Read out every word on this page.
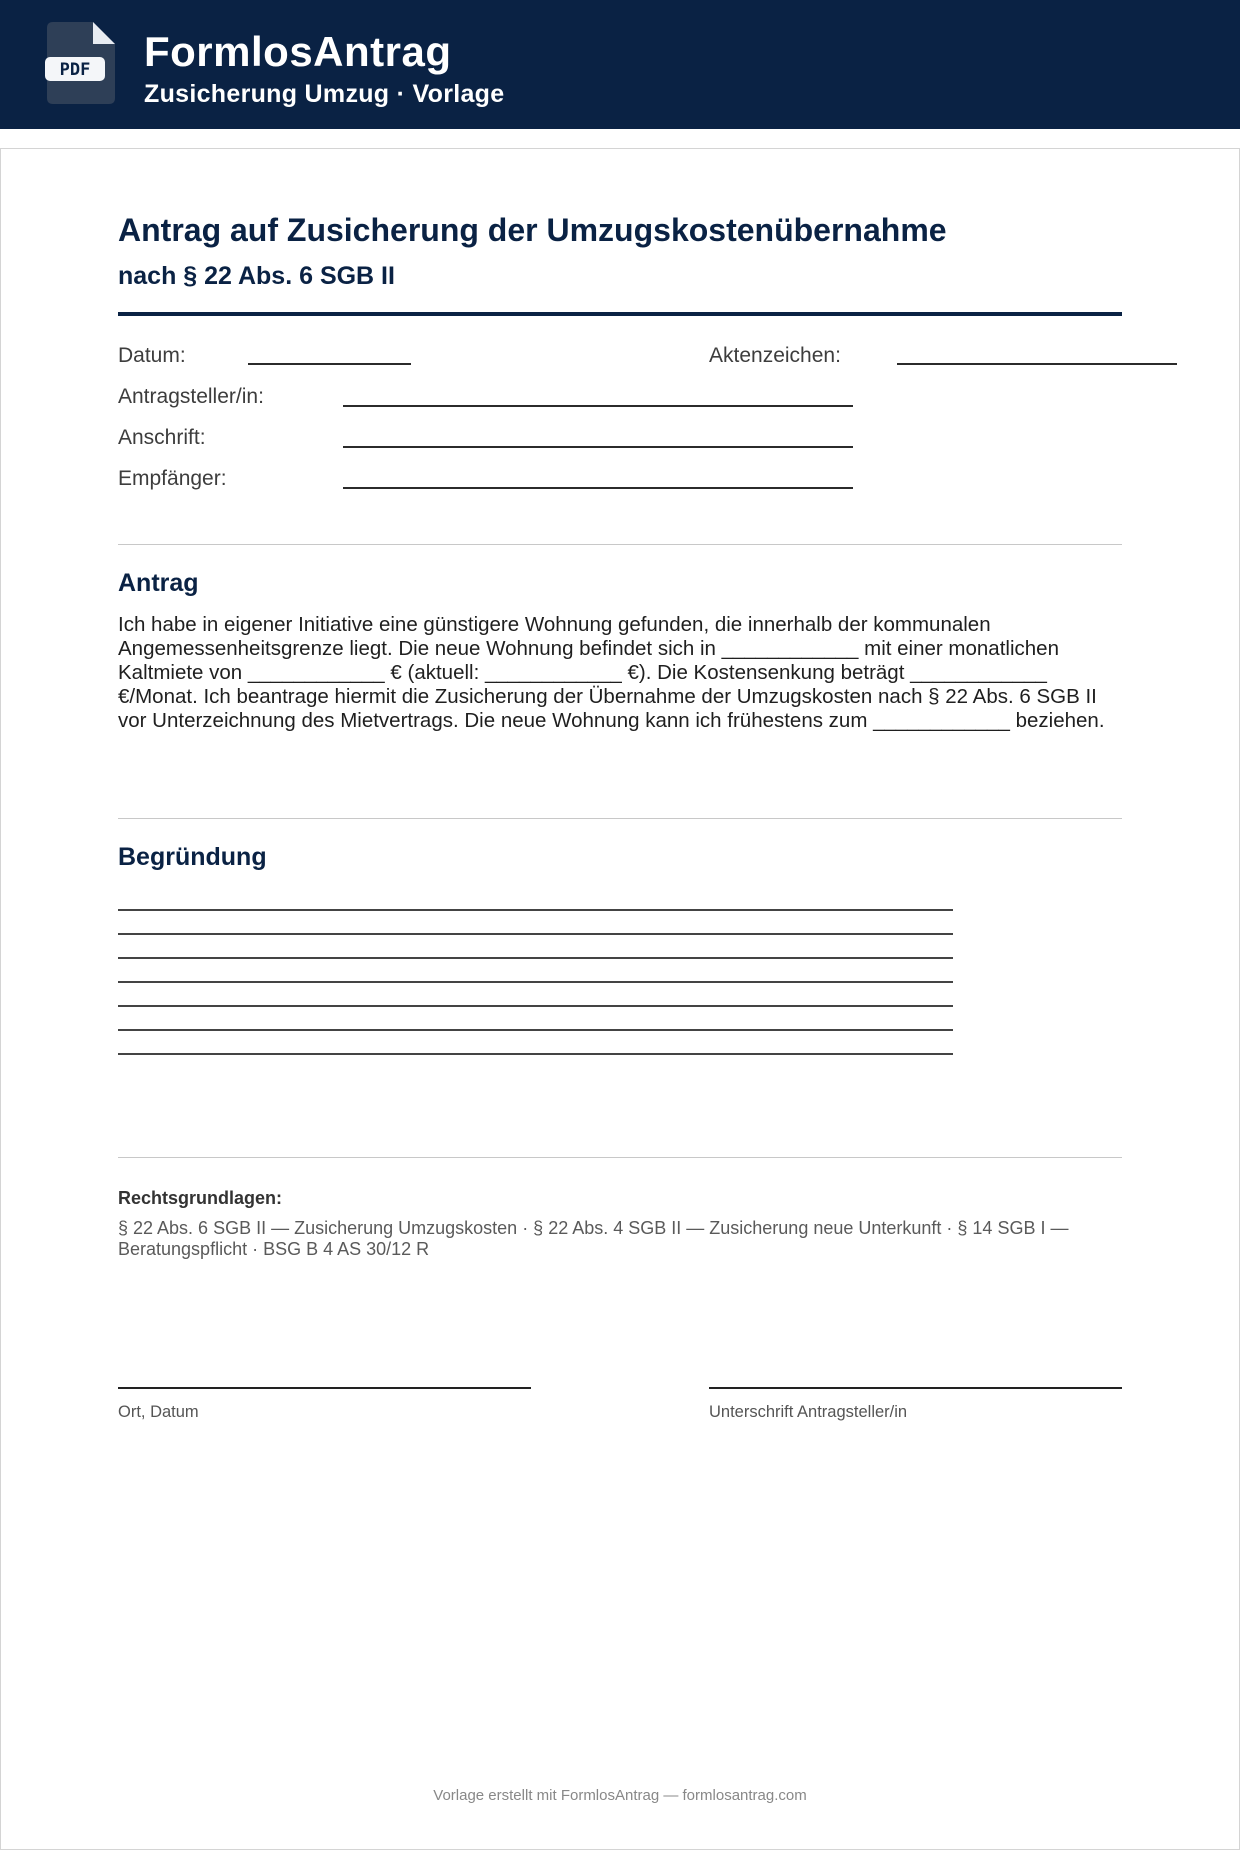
PDF FormlosAntrag
Zusicherung Umzug · Vorlage
Antrag auf Zusicherung der Umzugskostenübernahme
nach § 22 Abs. 6 SGB II
Datum:	Aktenzeichen:
Antragsteller/in:
Anschrift:
Empfänger:
Antrag
Ich habe in eigener Initiative eine günstigere Wohnung gefunden, die innerhalb der kommunalen
Angemessenheitsgrenze liegt. Die neue Wohnung befindet sich in ____________ mit einer monatlichen
Kaltmiete von ____________ € (aktuell: ____________ €). Die Kostensenkung beträgt ____________
€/Monat. Ich beantrage hiermit die Zusicherung der Übernahme der Umzugskosten nach § 22 Abs. 6 SGB II
vor Unterzeichnung des Mietvertrags. Die neue Wohnung kann ich frühestens zum ____________ beziehen.
Begründung
Rechtsgrundlagen:
§ 22 Abs. 6 SGB II — Zusicherung Umzugskosten · § 22 Abs. 4 SGB II — Zusicherung neue Unterkunft · § 14 SGB I —
Beratungspflicht · BSG B 4 AS 30/12 R
Ort, Datum	Unterschrift Antragsteller/in
Vorlage erstellt mit FormlosAntrag — formlosantrag.com
